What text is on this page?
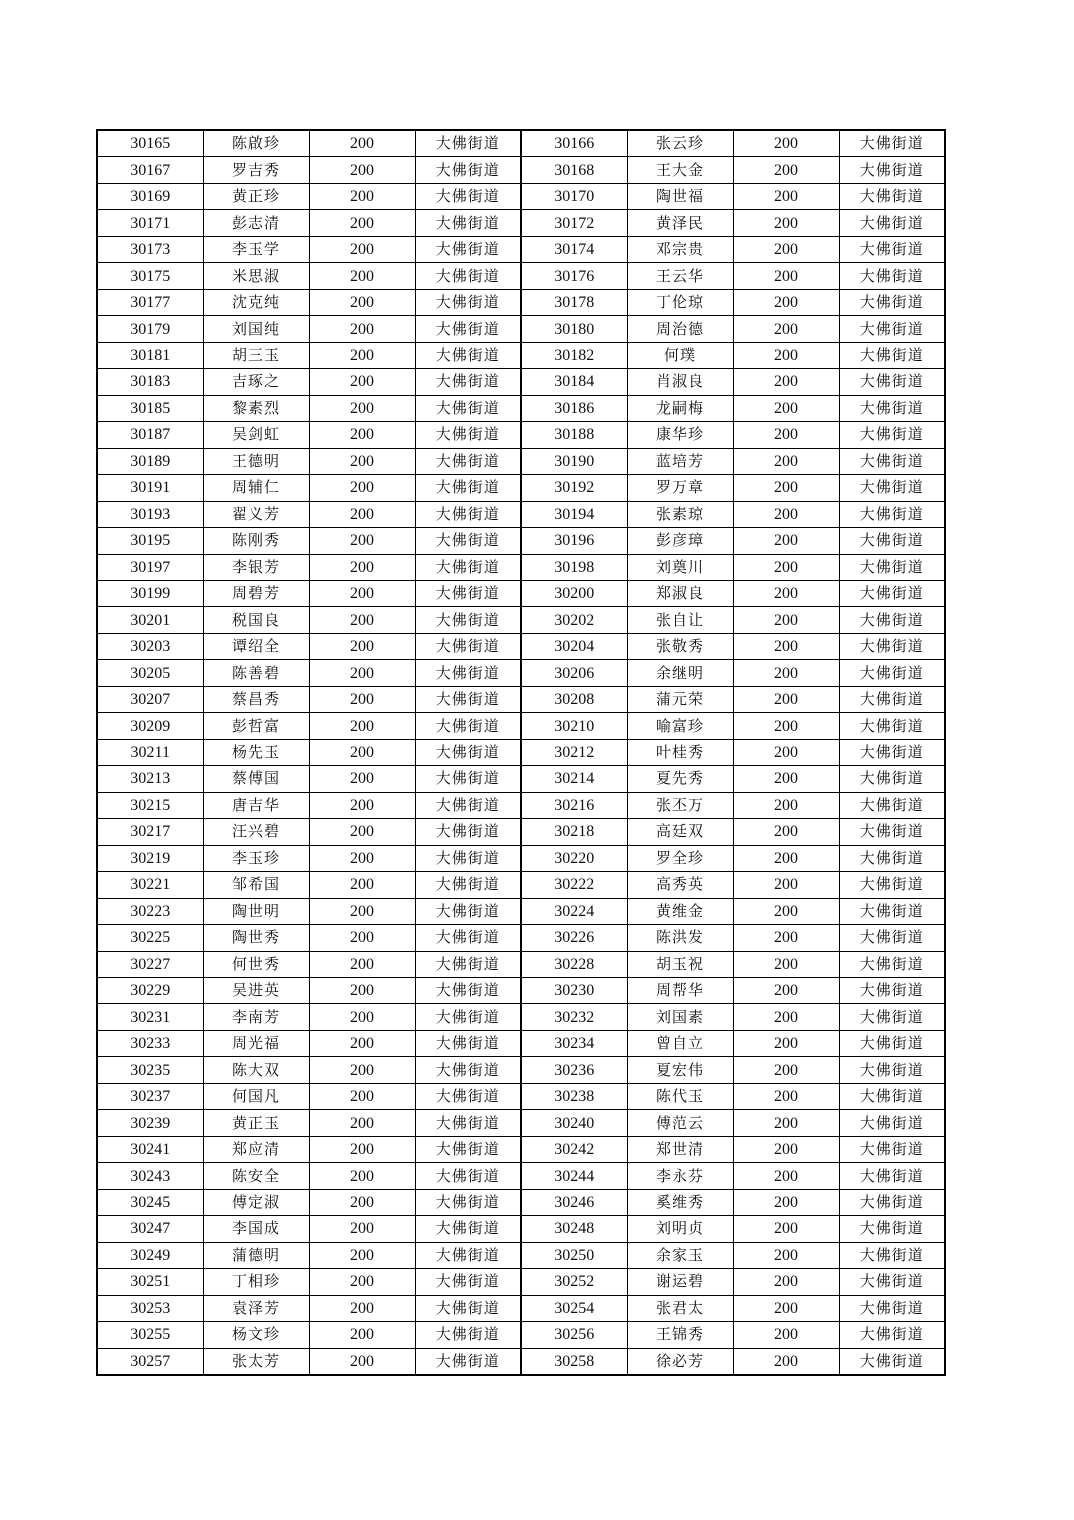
30165	陈啟珍	200	大佛街道	30166	张云珍	200	大佛街道
30167	罗吉秀	200	大佛街道	30168	王大金	200	大佛街道
30169	黄正珍	200	大佛街道	30170	陶世福	200	大佛街道
30171	彭志清	200	大佛街道	30172	黄泽民	200	大佛街道
30173	李玉学	200	大佛街道	30174	邓宗贵	200	大佛街道
30175	米思淑	200	大佛街道	30176	王云华	200	大佛街道
30177	沈克纯	200	大佛街道	30178	丁伦琼	200	大佛街道
30179	刘国纯	200	大佛街道	30180	周治德	200	大佛街道
30181	胡三玉	200	大佛街道	30182	何璞	200	大佛街道
30183	吉琢之	200	大佛街道	30184	肖淑良	200	大佛街道
30185	黎素烈	200	大佛街道	30186	龙嗣梅	200	大佛街道
30187	吴剑虹	200	大佛街道	30188	康华珍	200	大佛街道
30189	王德明	200	大佛街道	30190	蓝培芳	200	大佛街道
30191	周辅仁	200	大佛街道	30192	罗万章	200	大佛街道
30193	翟义芳	200	大佛街道	30194	张素琼	200	大佛街道
30195	陈刚秀	200	大佛街道	30196	彭彦璋	200	大佛街道
30197	李银芳	200	大佛街道	30198	刘奠川	200	大佛街道
30199	周碧芳	200	大佛街道	30200	郑淑良	200	大佛街道
30201	税国良	200	大佛街道	30202	张自让	200	大佛街道
30203	谭绍全	200	大佛街道	30204	张敬秀	200	大佛街道
30205	陈善碧	200	大佛街道	30206	余继明	200	大佛街道
30207	蔡昌秀	200	大佛街道	30208	蒲元荣	200	大佛街道
30209	彭哲富	200	大佛街道	30210	喻富珍	200	大佛街道
30211	杨先玉	200	大佛街道	30212	叶桂秀	200	大佛街道
30213	蔡傅国	200	大佛街道	30214	夏先秀	200	大佛街道
30215	唐吉华	200	大佛街道	30216	张丕万	200	大佛街道
30217	汪兴碧	200	大佛街道	30218	高廷双	200	大佛街道
30219	李玉珍	200	大佛街道	30220	罗全珍	200	大佛街道
30221	邹希国	200	大佛街道	30222	高秀英	200	大佛街道
30223	陶世明	200	大佛街道	30224	黄维金	200	大佛街道
30225	陶世秀	200	大佛街道	30226	陈洪发	200	大佛街道
30227	何世秀	200	大佛街道	30228	胡玉祝	200	大佛街道
30229	吴进英	200	大佛街道	30230	周帮华	200	大佛街道
30231	李南芳	200	大佛街道	30232	刘国素	200	大佛街道
30233	周光福	200	大佛街道	30234	曾自立	200	大佛街道
30235	陈大双	200	大佛街道	30236	夏宏伟	200	大佛街道
30237	何国凡	200	大佛街道	30238	陈代玉	200	大佛街道
30239	黄正玉	200	大佛街道	30240	傅范云	200	大佛街道
30241	郑应清	200	大佛街道	30242	郑世清	200	大佛街道
30243	陈安全	200	大佛街道	30244	李永芬	200	大佛街道
30245	傅定淑	200	大佛街道	30246	奚维秀	200	大佛街道
30247	李国成	200	大佛街道	30248	刘明贞	200	大佛街道
30249	蒲德明	200	大佛街道	30250	余家玉	200	大佛街道
30251	丁相珍	200	大佛街道	30252	谢运碧	200	大佛街道
30253	袁泽芳	200	大佛街道	30254	张君太	200	大佛街道
30255	杨文珍	200	大佛街道	30256	王锦秀	200	大佛街道
30257	张太芳	200	大佛街道	30258	徐必芳	200	大佛街道
